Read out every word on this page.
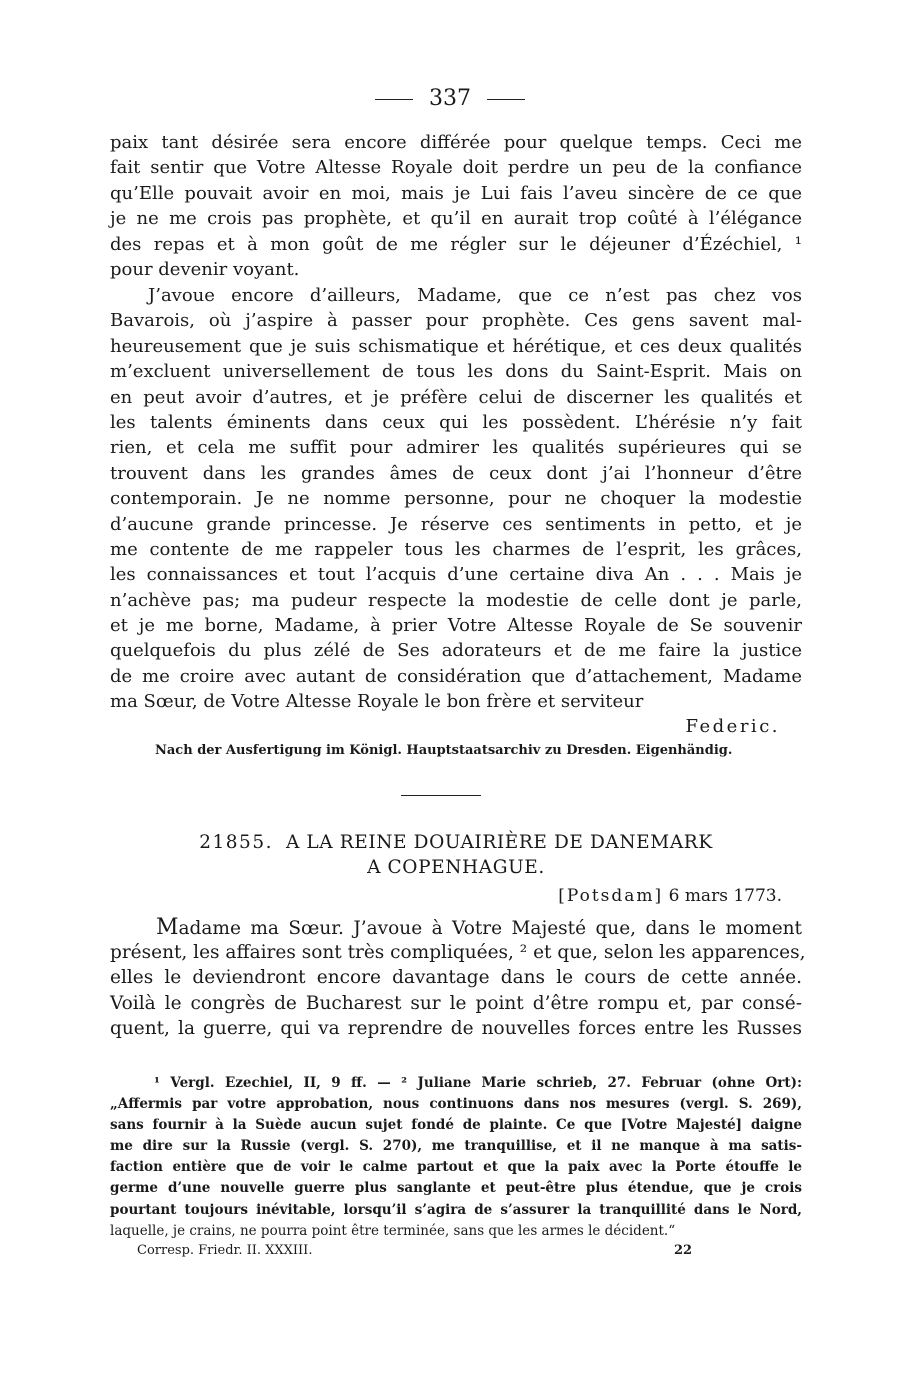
337
paix tant désirée sera encore différée pour quelque temps. Ceci me
fait sentir que Votre Altesse Royale doit perdre un peu de la confiance
qu’Elle pouvait avoir en moi, mais je Lui fais l’aveu sincère de ce que
je ne me crois pas prophète, et qu’il en aurait trop coûté à l’élégance
des repas et à mon goût de me régler sur le déjeuner d’Ézéchiel, ¹
pour devenir voyant.
J’avoue encore d’ailleurs, Madame, que ce n’est pas chez vos
Bavarois, où j’aspire à passer pour prophète. Ces gens savent mal-
heureusement que je suis schismatique et hérétique, et ces deux qualités
m’excluent universellement de tous les dons du Saint-Esprit. Mais on
en peut avoir d’autres, et je préfère celui de discerner les qualités et
les talents éminents dans ceux qui les possèdent. L’hérésie n’y fait
rien, et cela me suffit pour admirer les qualités supérieures qui se
trouvent dans les grandes âmes de ceux dont j’ai l’honneur d’être
contemporain. Je ne nomme personne, pour ne choquer la modestie
d’aucune grande princesse. Je réserve ces sentiments in petto, et je
me contente de me rappeler tous les charmes de l’esprit, les grâces,
les connaissances et tout l’acquis d’une certaine diva An . . . Mais je
n’achève pas; ma pudeur respecte la modestie de celle dont je parle,
et je me borne, Madame, à prier Votre Altesse Royale de Se souvenir
quelquefois du plus zélé de Ses adorateurs et de me faire la justice
de me croire avec autant de considération que d’attachement, Madame
ma Sœur, de Votre Altesse Royale le bon frère et serviteur
Federic.
Nach der Ausfertigung im Königl. Hauptstaatsarchiv zu Dresden. Eigenhändig.
21855. A LA REINE DOUAIRIÈRE DE DANEMARK
A COPENHAGUE.
[Potsdam] 6 mars 1773.
Madame ma Sœur. J’avoue à Votre Majesté que, dans le moment
présent, les affaires sont très compliquées, ² et que, selon les apparences,
elles le deviendront encore davantage dans le cours de cette année.
Voilà le congrès de Bucharest sur le point d’être rompu et, par consé-
quent, la guerre, qui va reprendre de nouvelles forces entre les Russes
¹ Vergl. Ezechiel, II, 9 ff. — ² Juliane Marie schrieb, 27. Februar (ohne Ort):
„Affermis par votre approbation, nous continuons dans nos mesures (vergl. S. 269),
sans fournir à la Suède aucun sujet fondé de plainte. Ce que [Votre Majesté] daigne
me dire sur la Russie (vergl. S. 270), me tranquillise, et il ne manque à ma satis-
faction entière que de voir le calme partout et que la paix avec la Porte étouffe le
germe d’une nouvelle guerre plus sanglante et peut-être plus étendue, que je crois
pourtant toujours inévitable, lorsqu’il s’agira de s’assurer la tranquillité dans le Nord,
laquelle, je crains, ne pourra point être terminée, sans que les armes le décident.“
Corresp. Friedr. II. XXXIII.	22
